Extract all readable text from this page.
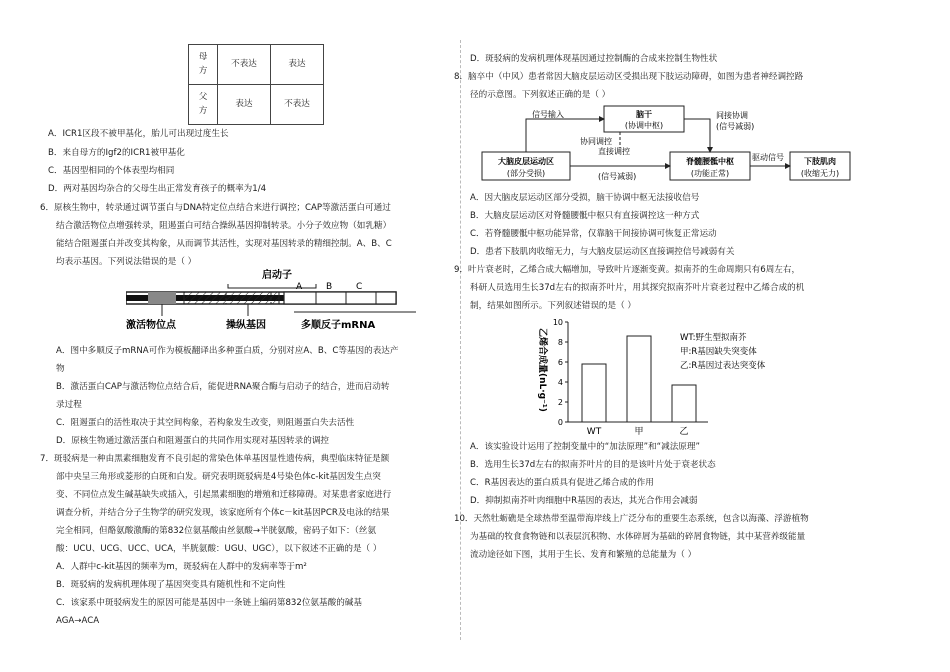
母方	不表达	表达
父方	表达	不表达
A．ICR1区段不被甲基化，胎儿可出现过度生长
B．来自母方的Igf2的ICR1被甲基化
C．基因型相同的个体表型均相同
D．两对基因均杂合的父母生出正常发育孩子的概率为1/4
6．原核生物中，转录通过调节蛋白与DNA特定位点结合来进行调控；CAP等激活蛋白可通过
结合激活物位点增强转录，阻遏蛋白可结合操纵基因抑制转录。小分子效应物（如乳糖）
能结合阻遏蛋白并改变其构象，从而调节其活性，实现对基因转录的精细控制。A、B、C
均表示基因。下列说法错误的是（ ）
启动子
A	B	C
激活物位点	操纵基因	多顺反子mRNA
A．图中多顺反子mRNA可作为模板翻译出多种蛋白质，分别对应A、B、C等基因的表达产
物
B．激活蛋白CAP与激活物位点结合后，能促进RNA聚合酶与启动子的结合，进而启动转
录过程
C．阻遏蛋白的活性取决于其空间构象，若构象发生改变，则阻遏蛋白失去活性
D．原核生物通过激活蛋白和阻遏蛋白的共同作用实现对基因转录的调控
7．斑驳病是一种由黑素细胞发育不良引起的常染色体单基因显性遗传病，典型临床特征是额
部中央呈三角形或菱形的白斑和白发。研究表明斑驳病是4号染色体c-kit基因发生点突
变、不同位点发生碱基缺失或插入，引起黑素细胞的增殖和迁移障碍。对某患者家庭进行
调查分析，并结合分子生物学的研究发现，该家庭所有个体c－kit基因PCR及电泳的结果
完全相同，但酪氨酸激酶的第832位氨基酸由丝氨酸→半胱氨酸，密码子如下：（丝氨
酸：UCU、UCG、UCC、UCA，半胱氨酸：UGU、UGC），以下叙述不正确的是（ ）
A．人群中c-kit基因的频率为m，斑驳病在人群中的发病率等于m²
B．斑驳病的发病机理体现了基因突变具有随机性和不定向性
C．该家系中斑驳病发生的原因可能是基因中一条链上编码第832位氨基酸的碱基
AGA→ACA
D．斑驳病的发病机理体现基因通过控制酶的合成来控制生物性状
8．脑卒中（中风）患者常因大脑皮层运动区受损出现下肢运动障碍，如图为患者神经调控路
径的示意图。下列叙述正确的是（ ）
脑干
(协调中枢)
大脑皮层运动区
(部分受损)
脊髓腰骶中枢
(功能正常)
下肢肌肉
(收缩无力)
信号输入	间接协调
(信号减弱)
协同调控
直接调控
(信号减弱)
驱动信号
A．因大脑皮层运动区部分受损，脑干协调中枢无法接收信号
B．大脑皮层运动区对脊髓腰骶中枢只有直接调控这一种方式
C．若脊髓腰骶中枢功能异常，仅靠脑干间接协调可恢复正常运动
D．患者下肢肌肉收缩无力，与大脑皮层运动区直接调控信号减弱有关
9．叶片衰老时，乙烯合成大幅增加，导致叶片逐渐变黄。拟南芥的生命周期只有6周左右，
科研人员选用生长37d左右的拟南芥叶片，用其探究拟南芥叶片衰老过程中乙烯合成的机
制，结果如图所示。下列叙述错误的是（ ）
乙烯合成量(nL·g⁻¹)
0
2
4
6
8
10
WT	甲	乙
WT:野生型拟南芥
甲:R基因缺失突变体
乙:R基因过表达突变体
A．该实验设计运用了控制变量中的“加法原理”和“减法原理”
B．选用生长37d左右的拟南芥叶片的目的是该叶片处于衰老状态
C．R基因表达的蛋白质具有促进乙烯合成的作用
D．抑制拟南芥叶肉细胞中R基因的表达，其光合作用会减弱
10．天然牡蛎礁是全球热带至温带海岸线上广泛分布的重要生态系统，包含以海藻、浮游植物
为基础的牧食食物链和以表层沉积物、水体碎屑为基础的碎屑食物链，其中某营养级能量
流动途径如下图，其用于生长、发育和繁殖的总能量为（ ）
